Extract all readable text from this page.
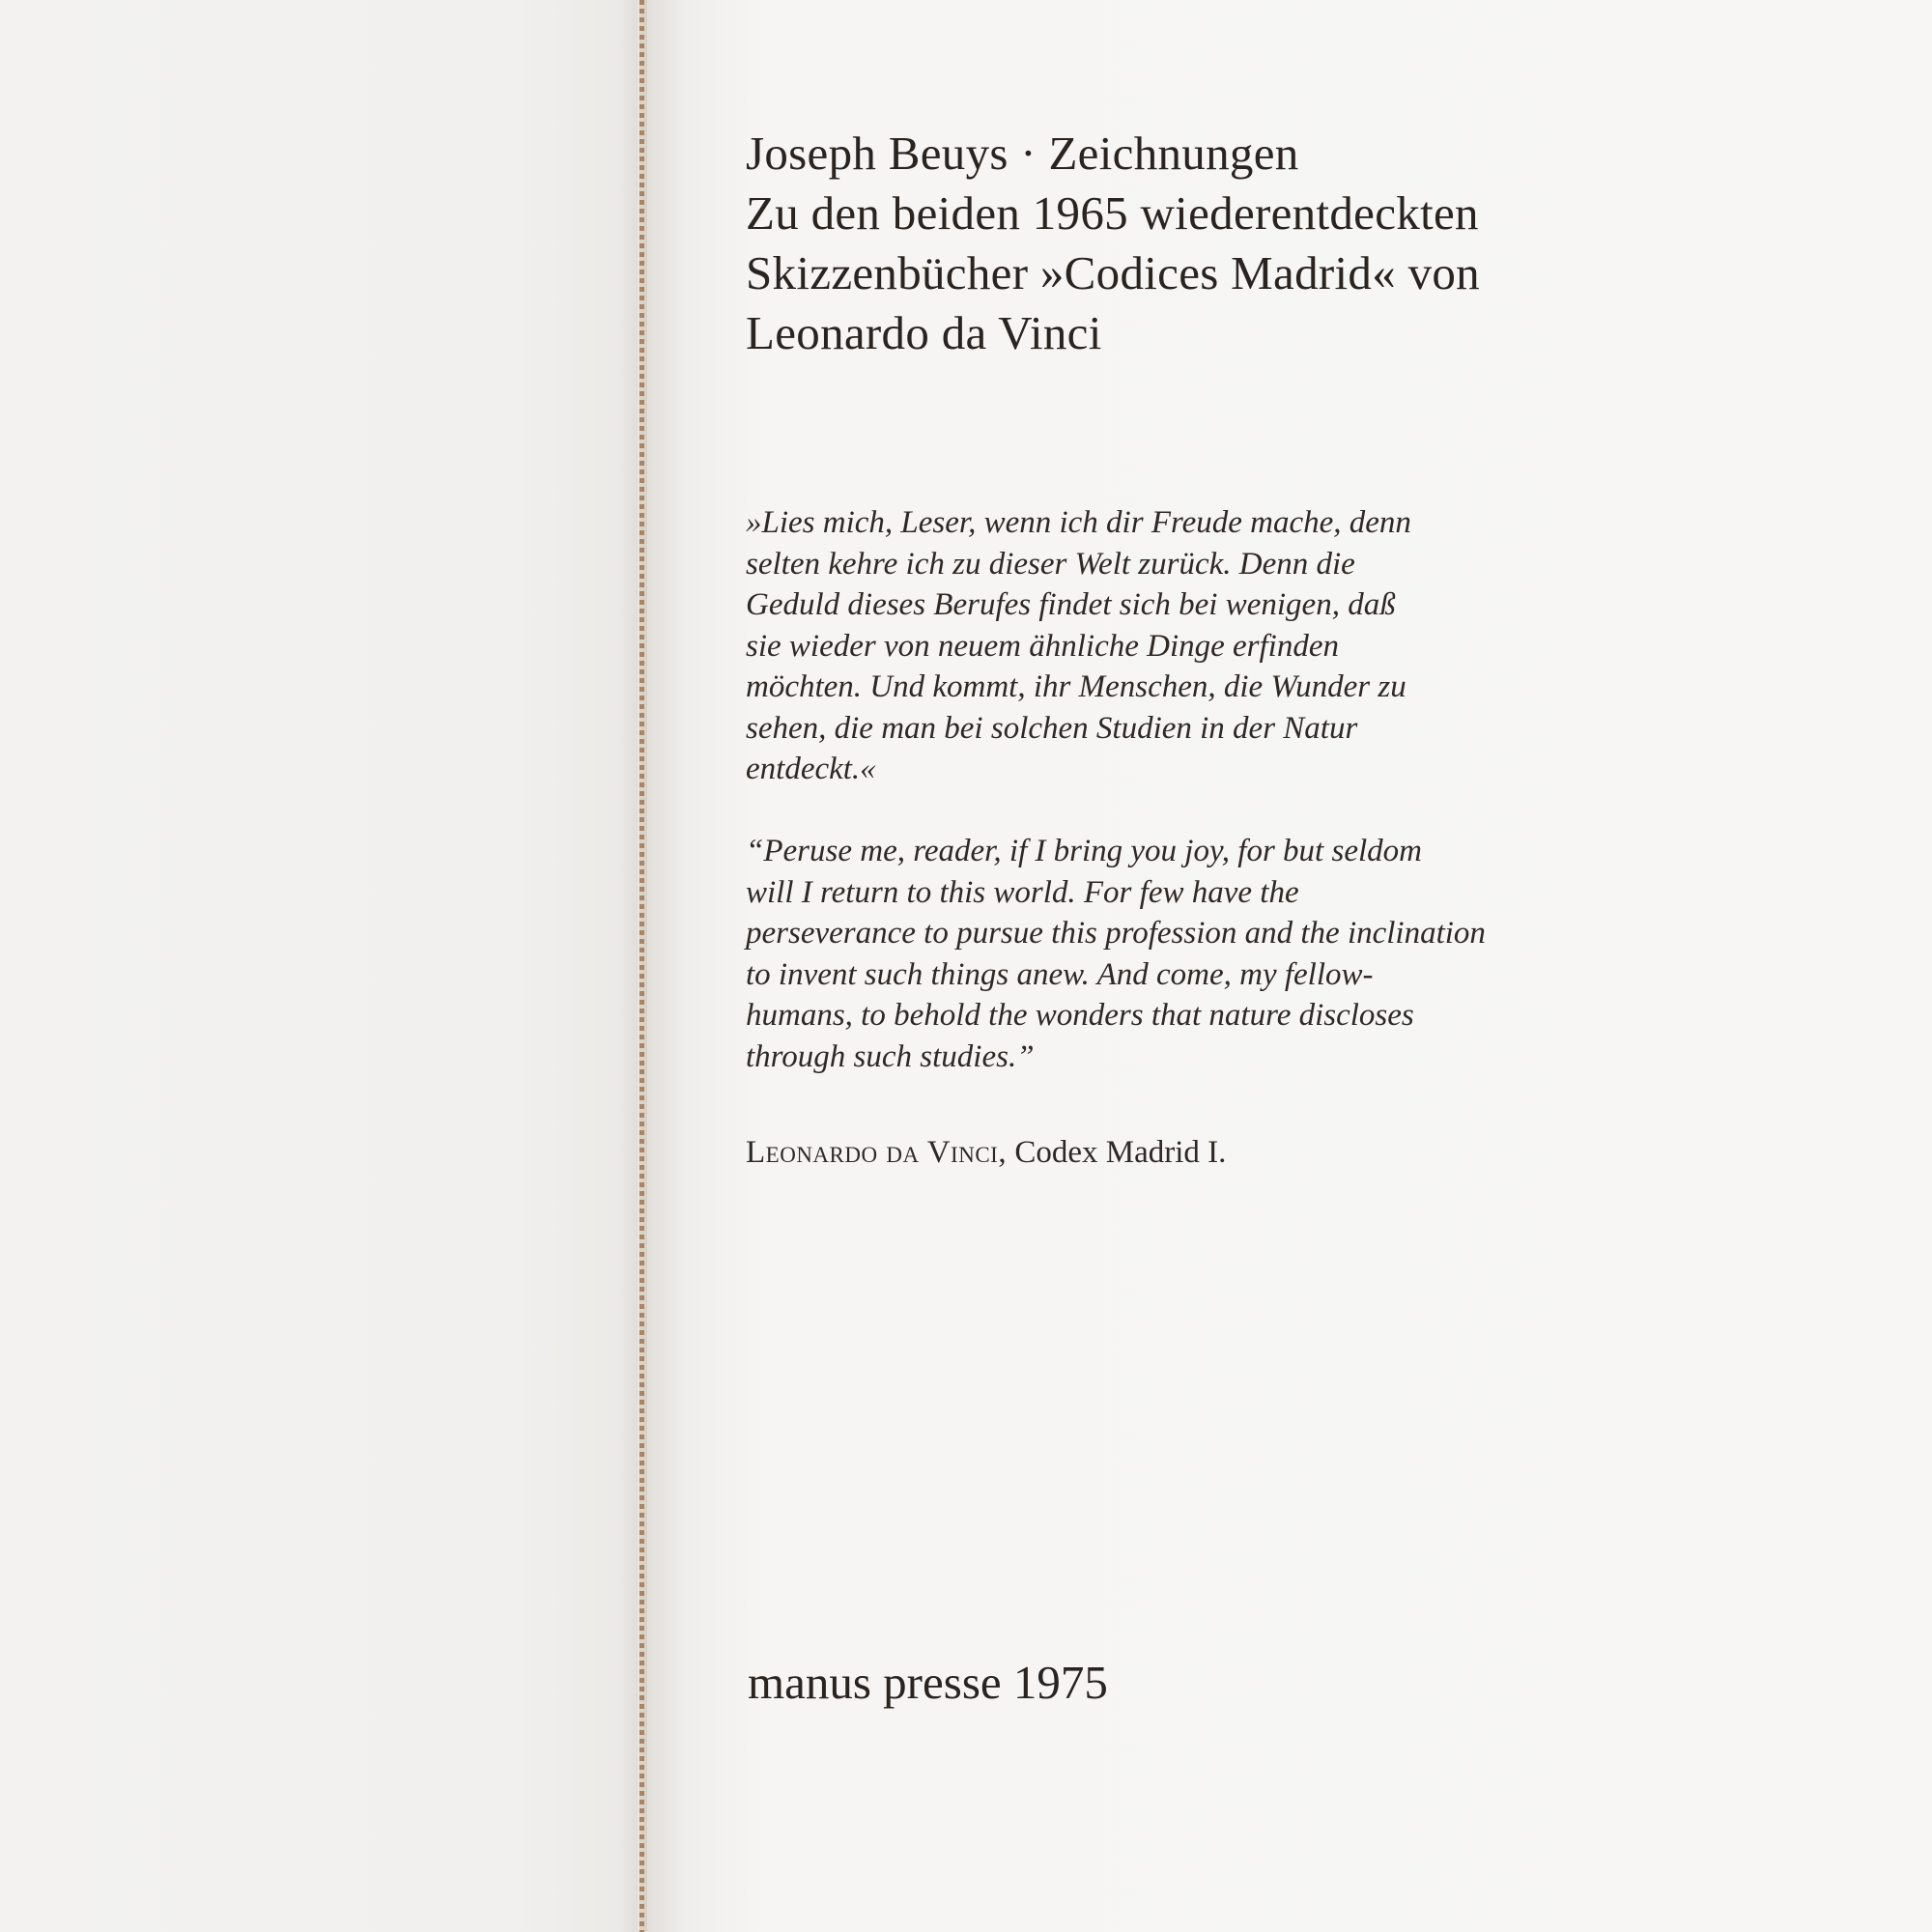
Joseph Beuys · Zeichnungen
Zu den beiden 1965 wiederentdeckten
Skizzenbücher »Codices Madrid« von
Leonardo da Vinci
»Lies mich, Leser, wenn ich dir Freude mache, denn
selten kehre ich zu dieser Welt zurück. Denn die
Geduld dieses Berufes findet sich bei wenigen, daß
sie wieder von neuem ähnliche Dinge erfinden
möchten. Und kommt, ihr Menschen, die Wunder zu
sehen, die man bei solchen Studien in der Natur
entdeckt.«
“Peruse me, reader, if I bring you joy, for but seldom
will I return to this world. For few have the
perseverance to pursue this profession and the inclination
to invent such things anew. And come, my fellow-
humans, to behold the wonders that nature discloses
through such studies.”
Leonardo da Vinci, Codex Madrid I.
manus presse 1975
